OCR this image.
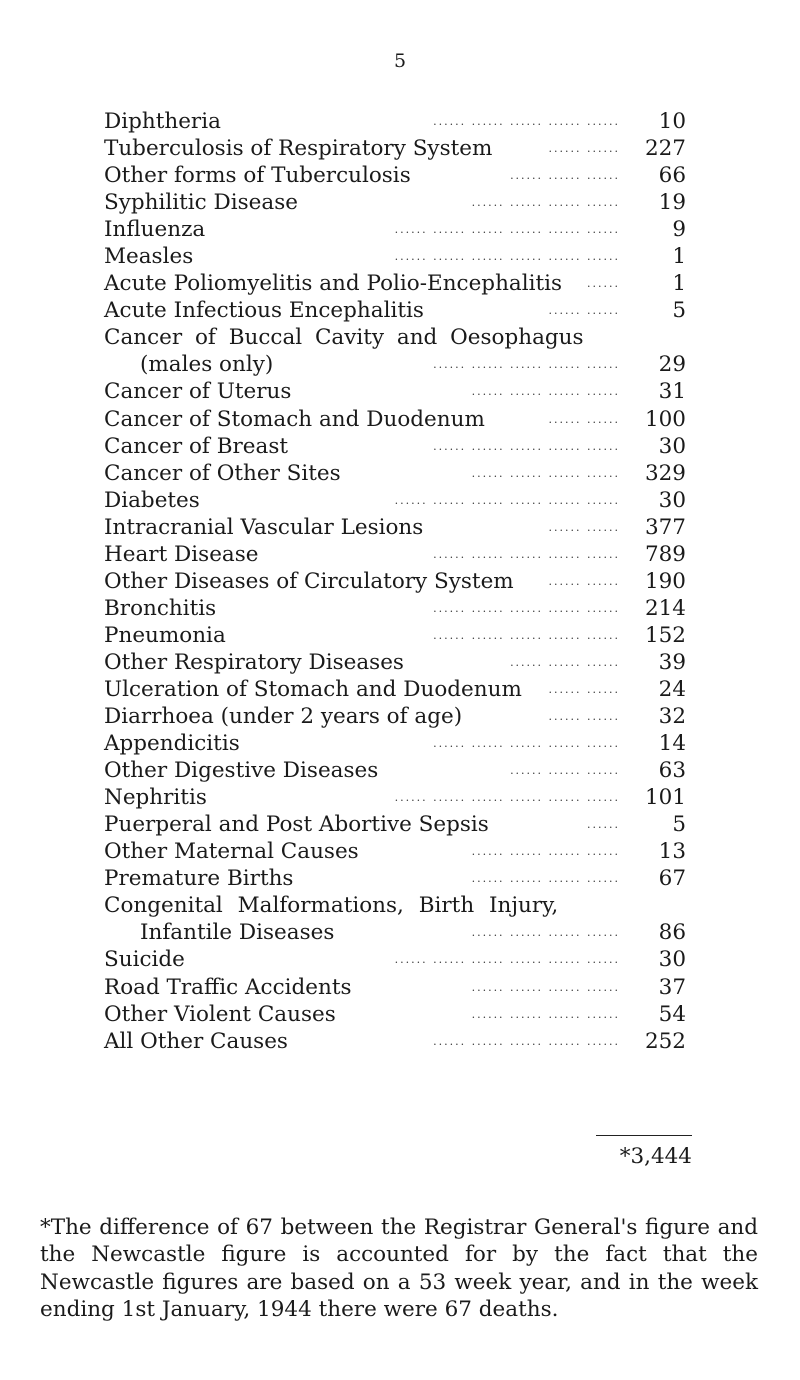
5
...... ...... ...... ...... ......
Diphtheria	10
...... ......
Tuberculosis of Respiratory System	227
...... ...... ......
Other forms of Tuberculosis	66
...... ...... ...... ......
Syphilitic Disease	19
...... ...... ...... ...... ...... ......
Influenza	9
...... ...... ...... ...... ...... ......
Measles	1
......
Acute Poliomyelitis and Polio-Encephalitis	1
...... ......
Acute Infectious Encephalitis	5
Cancer of Buccal Cavity and Oesophagus
...... ...... ...... ...... ......
(males only)	29
...... ...... ...... ......
Cancer of Uterus	31
...... ......
Cancer of Stomach and Duodenum	100
...... ...... ...... ...... ......
Cancer of Breast	30
...... ...... ...... ......
Cancer of Other Sites	329
...... ...... ...... ...... ...... ......
Diabetes	30
...... ......
Intracranial Vascular Lesions	377
...... ...... ...... ...... ......
Heart Disease	789
...... ......
Other Diseases of Circulatory System	190
...... ...... ...... ...... ......
Bronchitis	214
...... ...... ...... ...... ......
Pneumonia	152
...... ...... ......
Other Respiratory Diseases	39
...... ......
Ulceration of Stomach and Duodenum	24
...... ......
Diarrhoea (under 2 years of age)	32
...... ...... ...... ...... ......
Appendicitis	14
...... ...... ......
Other Digestive Diseases	63
...... ...... ...... ...... ...... ......
Nephritis	101
......
Puerperal and Post Abortive Sepsis	5
...... ...... ...... ......
Other Maternal Causes	13
...... ...... ...... ......
Premature Births	67
Congenital Malformations, Birth Injury,
...... ...... ...... ......
Infantile Diseases	86
...... ...... ...... ...... ...... ......
Suicide	30
...... ...... ...... ......
Road Traffic Accidents	37
...... ...... ...... ......
Other Violent Causes	54
...... ...... ...... ...... ......
All Other Causes	252
*3,444

*The difference of 67 between the Registrar General's figure and the Newcastle figure is accounted for by the fact that the Newcastle figures are based on a 53 week year, and in the week ending 1st January, 1944 there were 67 deaths.
